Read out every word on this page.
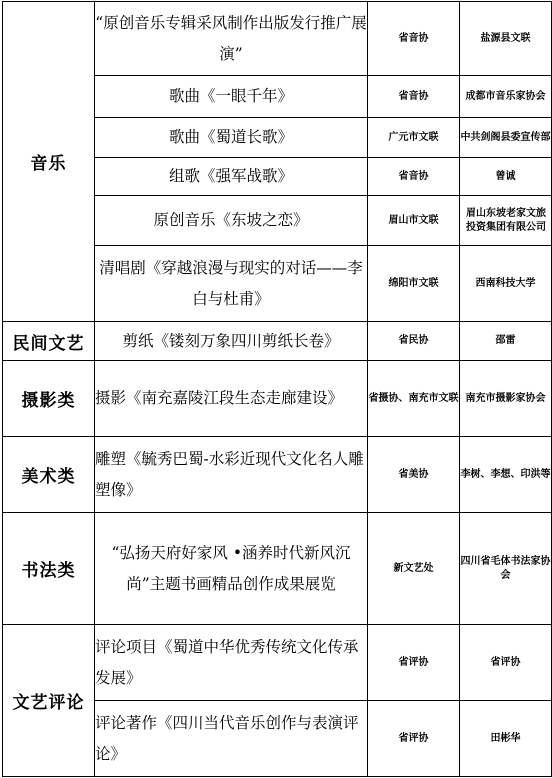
音乐	“原创音乐专辑采风制作出版发行推广展演”	省音协	盐源县文联
	歌曲《一眼千年》	省音协	成都市音乐家协会
	歌曲《蜀道长歌》	广元市文联	中共剑阁县委宣传部
	组歌《强军战歌》	省音协	曾诚
	原创音乐《东坡之恋》	眉山市文联	眉山东坡老家文旅投资集团有限公司
	清唱剧《穿越浪漫与现实的对话——李白与杜甫》	绵阳市文联	西南科技大学
民间文艺	剪纸《镂刻万象四川剪纸长卷》	省民协	邵雷
摄影类	摄影《南充嘉陵江段生态走廊建设》	省摄协、南充市文联	南充市摄影家协会
美术类	雕塑《毓秀巴蜀-水彩近现代文化名人雕塑像》	省美协	李树、李想、印洪等
书法类	“弘扬天府好家风 •涵养时代新风沉尚”主题书画精品创作成果展览	新文艺处	四川省毛体书法家协会
文艺评论	评论项目《蜀道中华优秀传统文化传承发展》	省评协	省评协
	评论著作《四川当代音乐创作与表演评论》	省评协	田彬华
